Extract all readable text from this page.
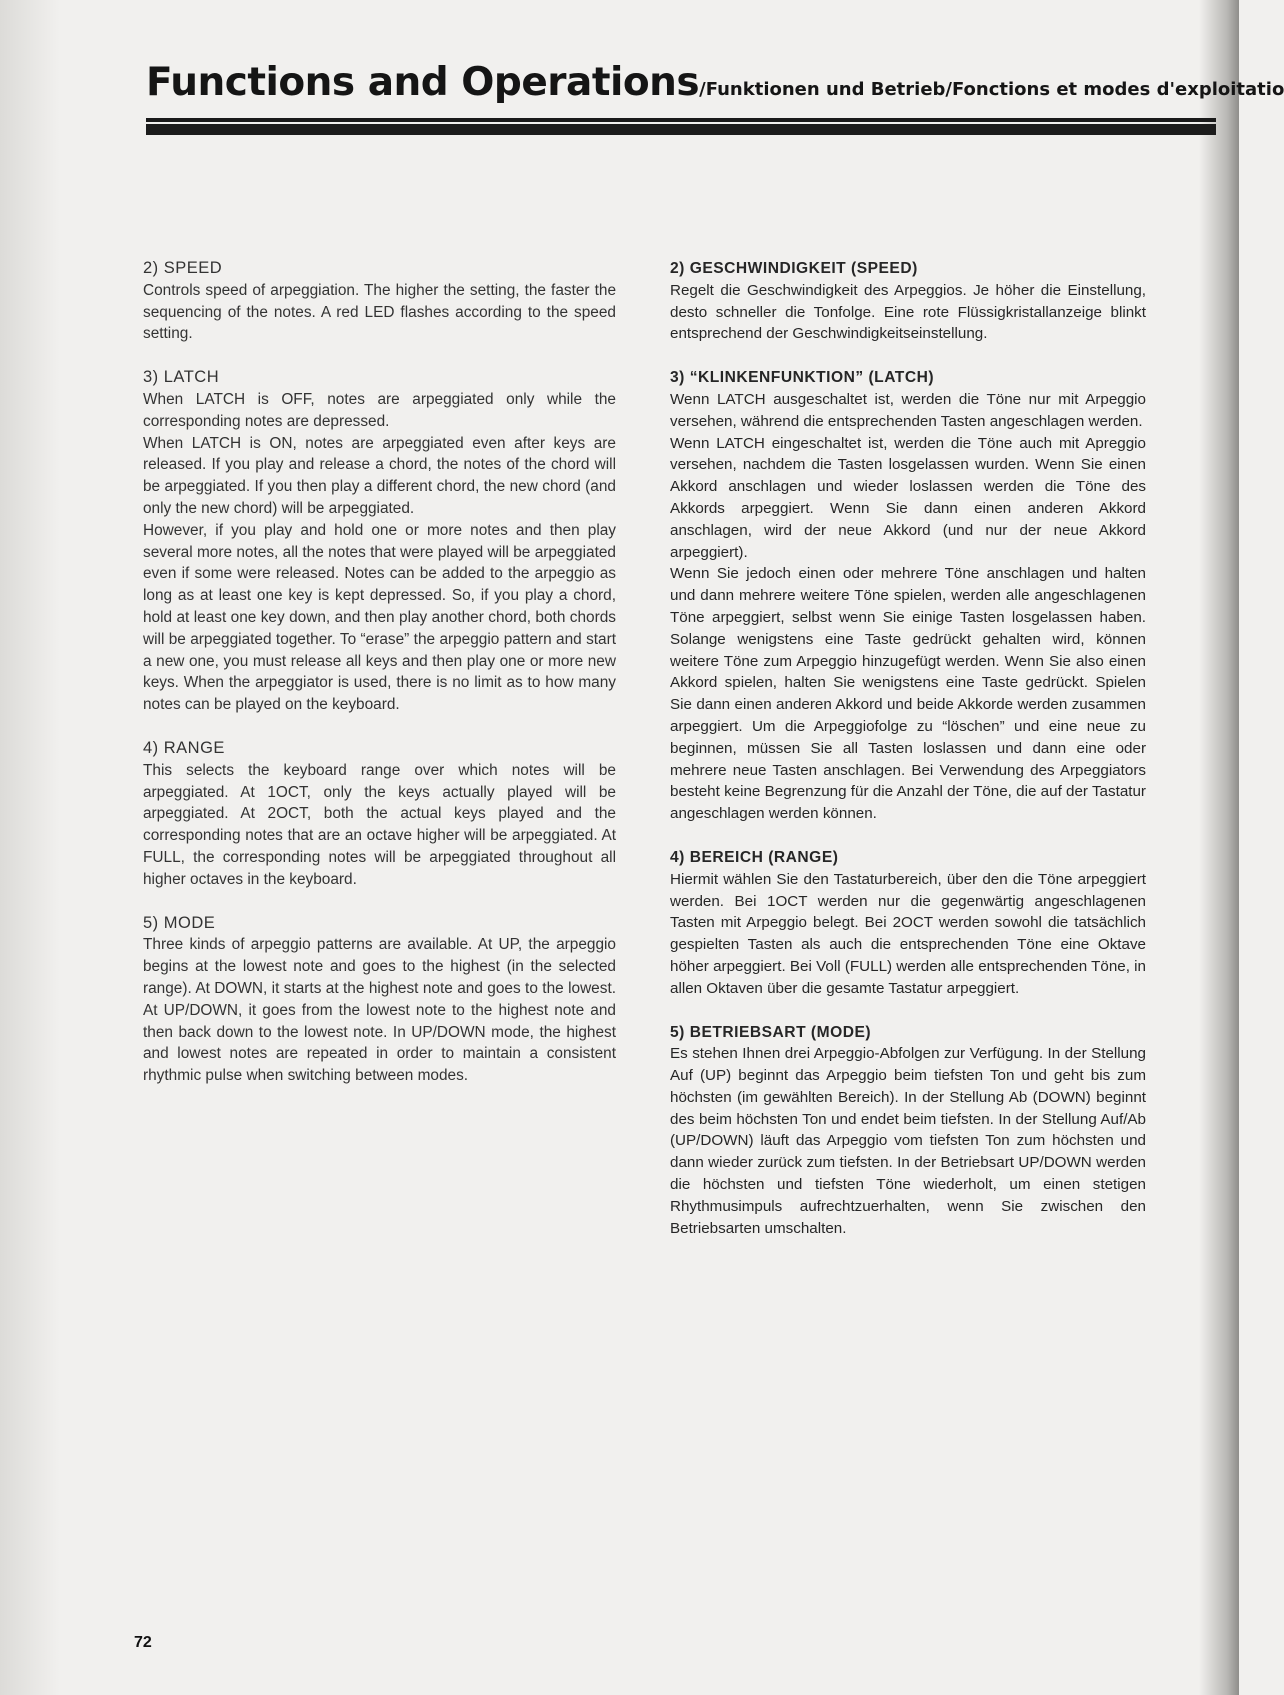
Functions and Operations/Funktionen und Betrieb/Fonctions et modes d'exploitatio

2) SPEED

Controls speed of arpeggiation. The higher the setting, the faster the sequencing of the notes. A red LED flashes according to the speed setting.

3) LATCH

When LATCH is OFF, notes are arpeggiated only while the corresponding notes are depressed.

When LATCH is ON, notes are arpeggiated even after keys are released. If you play and release a chord, the notes of the chord will be arpeggiated. If you then play a different chord, the new chord (and only the new chord) will be arpeggiated.

However, if you play and hold one or more notes and then play several more notes, all the notes that were played will be arpeggiated even if some were released. Notes can be added to the arpeggio as long as at least one key is kept depressed. So, if you play a chord, hold at least one key down, and then play another chord, both chords will be arpeggiated together. To “erase” the arpeggio pattern and start a new one, you must release all keys and then play one or more new keys. When the arpeggiator is used, there is no limit as to how many notes can be played on the keyboard.

4) RANGE

This selects the keyboard range over which notes will be arpeggiated. At 1OCT, only the keys actually played will be arpeggiated. At 2OCT, both the actual keys played and the corresponding notes that are an octave higher will be arpeggiated. At FULL, the corresponding notes will be arpeggiated throughout all higher octaves in the keyboard.

5) MODE

Three kinds of arpeggio patterns are available. At UP, the arpeggio begins at the lowest note and goes to the highest (in the selected range). At DOWN, it starts at the highest note and goes to the lowest. At UP/DOWN, it goes from the lowest note to the highest note and then back down to the lowest note. In UP/DOWN mode, the highest and lowest notes are repeated in order to maintain a consistent rhythmic pulse when switching between modes.

2) GESCHWINDIGKEIT (SPEED)

Regelt die Geschwindigkeit des Arpeggios. Je höher die Einstellung, desto schneller die Tonfolge. Eine rote Flüssigkristallanzeige blinkt entsprechend der Geschwindigkeitseinstellung.

3) “KLINKENFUNKTION” (LATCH)

Wenn LATCH ausgeschaltet ist, werden die Töne nur mit Arpeggio versehen, während die entsprechenden Tasten angeschlagen werden.

Wenn LATCH eingeschaltet ist, werden die Töne auch mit Apreggio versehen, nachdem die Tasten losgelassen wurden. Wenn Sie einen Akkord anschlagen und wieder loslassen werden die Töne des Akkords arpeggiert. Wenn Sie dann einen anderen Akkord anschlagen, wird der neue Akkord (und nur der neue Akkord arpeggiert).

Wenn Sie jedoch einen oder mehrere Töne anschlagen und halten und dann mehrere weitere Töne spielen, werden alle angeschlagenen Töne arpeggiert, selbst wenn Sie einige Tasten losgelassen haben. Solange wenigstens eine Taste gedrückt gehalten wird, können weitere Töne zum Arpeggio hinzugefügt werden. Wenn Sie also einen Akkord spielen, halten Sie wenigstens eine Taste gedrückt. Spielen Sie dann einen anderen Akkord und beide Akkorde werden zusammen arpeggiert. Um die Arpeggiofolge zu “löschen” und eine neue zu beginnen, müssen Sie all Tasten loslassen und dann eine oder mehrere neue Tasten anschlagen. Bei Verwendung des Arpeggiators besteht keine Begrenzung für die Anzahl der Töne, die auf der Tastatur angeschlagen werden können.

4) BEREICH (RANGE)

Hiermit wählen Sie den Tastaturbereich, über den die Töne arpeggiert werden. Bei 1OCT werden nur die gegenwärtig angeschlagenen Tasten mit Arpeggio belegt. Bei 2OCT werden sowohl die tatsächlich gespielten Tasten als auch die entsprechenden Töne eine Oktave höher arpeggiert. Bei Voll (FULL) werden alle entsprechenden Töne, in allen Oktaven über die gesamte Tastatur arpeggiert.

5) BETRIEBSART (MODE)

Es stehen Ihnen drei Arpeggio-Abfolgen zur Verfügung. In der Stellung Auf (UP) beginnt das Arpeggio beim tiefsten Ton und geht bis zum höchsten (im gewählten Bereich). In der Stellung Ab (DOWN) beginnt des beim höchsten Ton und endet beim tiefsten. In der Stellung Auf/Ab (UP/DOWN) läuft das Arpeggio vom tiefsten Ton zum höchsten und dann wieder zurück zum tiefsten. In der Betriebsart UP/DOWN werden die höchsten und tiefsten Töne wiederholt, um einen stetigen Rhythmusimpuls aufrechtzuerhalten, wenn Sie zwischen den Betriebsarten umschalten.

72
